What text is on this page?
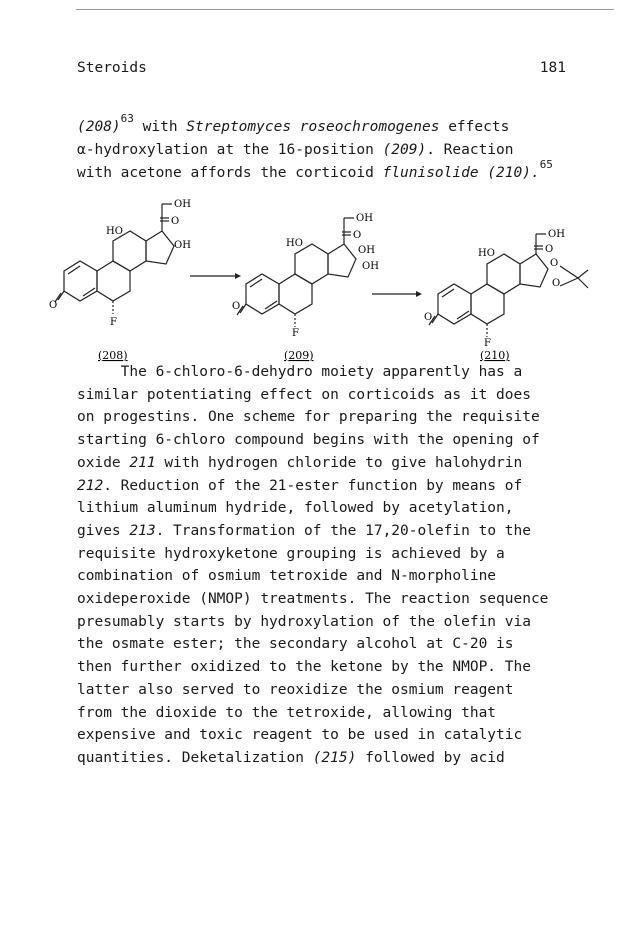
Steroids	181
$(208)^{63}$ with Streptomyces roseochromogenes effects
α-hydroxylation at the 16-position (209). Reaction
with acetone affords the corticoid flunisolide (210).$^{65}$
OH
O
HO
OH
O
F
(208)
OH
O
HO
OH
OH
O
F
(209)
OH
O
HO
O
O
O
F
(210)
The 6-chloro-6-dehydro moiety apparently has a
similar potentiating effect on corticoids as it does
on progestins. One scheme for preparing the requisite
starting 6-chloro compound begins with the opening of
oxide 211 with hydrogen chloride to give halohydrin
212. Reduction of the 21-ester function by means of
lithium aluminum hydride, followed by acetylation,
gives 213. Transformation of the 17,20-olefin to the
requisite hydroxyketone grouping is achieved by a
combination of osmium tetroxide and N-morpholine
oxideperoxide (NMOP) treatments. The reaction sequence
presumably starts by hydroxylation of the olefin via
the osmate ester; the secondary alcohol at C-20 is
then further oxidized to the ketone by the NMOP. The
latter also served to reoxidize the osmium reagent
from the dioxide to the tetroxide, allowing that
expensive and toxic reagent to be used in catalytic
quantities. Deketalization (215) followed by acid
